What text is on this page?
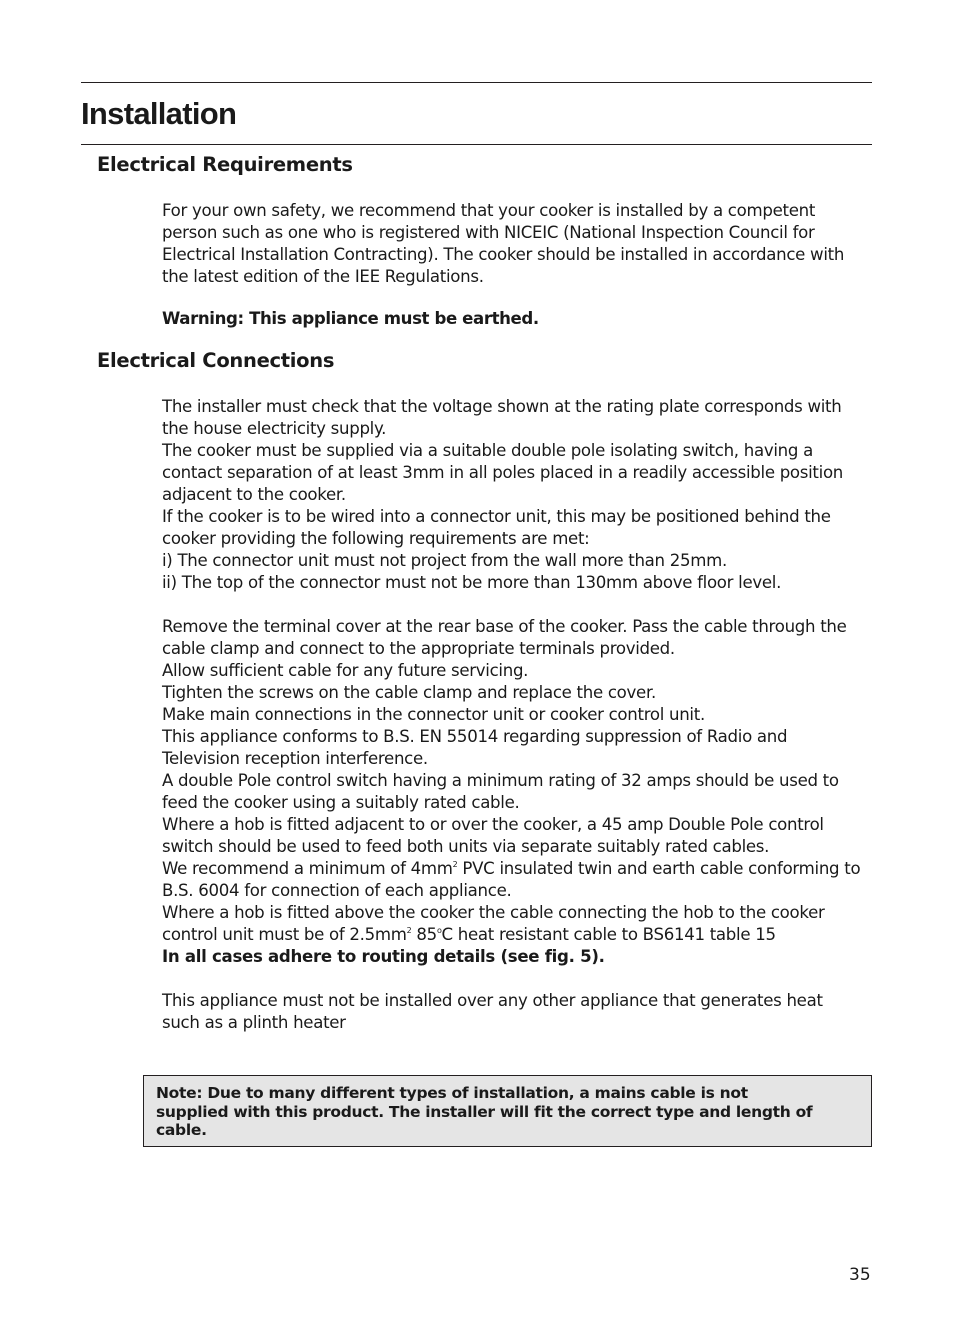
Installation
Electrical Requirements

For your own safety, we recommend that your cooker is installed by a competent

person such as one who is registered with NICEIC (National Inspection Council for

Electrical Installation Contracting). The cooker should be installed in accordance with

the latest edition of the IEE Regulations.

Warning: This appliance must be earthed.
Electrical Connections

The installer must check that the voltage shown at the rating plate corresponds with

the house electricity supply.

The cooker must be supplied via a suitable double pole isolating switch, having a

contact separation of at least 3mm in all poles placed in a readily accessible position

adjacent to the cooker.

If the cooker is to be wired into a connector unit, this may be positioned behind the

cooker providing the following requirements are met:

i) The connector unit must not project from the wall more than 25mm.

ii) The top of the connector must not be more than 130mm above floor level.

Remove the terminal cover at the rear base of the cooker. Pass the cable through the

cable clamp and connect to the appropriate terminals provided.

Allow sufficient cable for any future servicing.

Tighten the screws on the cable clamp and replace the cover.

Make main connections in the connector unit or cooker control unit.

This appliance conforms to B.S. EN 55014 regarding suppression of Radio and

Television reception interference.

A double Pole control switch having a minimum rating of 32 amps should be used to

feed the cooker using a suitably rated cable.

Where a hob is fitted adjacent to or over the cooker, a 45 amp Double Pole control

switch should be used to feed both units via separate suitably rated cables.

We recommend a minimum of $4mm^2$ PVC insulated twin and earth cable conforming to

B.S. 6004 for connection of each appliance.

Where a hob is fitted above the cooker the cable connecting the hob to the cooker

control unit must be of $2.5mm^2$ 85$^o$C heat resistant cable to BS6141 table 15

In all cases adhere to routing details (see fig. 5).

This appliance must not be installed over any other appliance that generates heat

such as a plinth heater

Note: Due to many different types of installation, a mains cable is not

supplied with this product. The installer will fit the correct type and length of

cable.

35
